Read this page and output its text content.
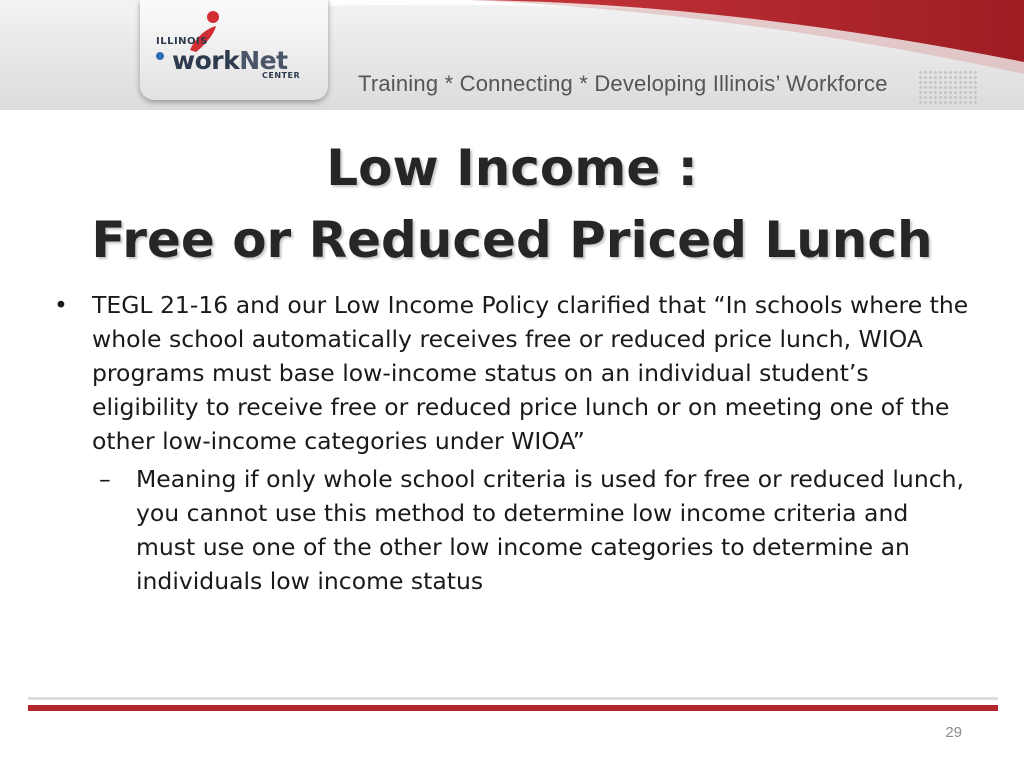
ILLINOIS
workNet
CENTER	Training * Connecting * Developing Illinois’ Workforce
Low Income :
Free or Reduced Priced Lunch
• TEGL 21-16 and our Low Income Policy clarified that “In schools where the whole school automatically receives free or reduced price lunch, WIOA programs must base low-income status on an individual student’s eligibility to receive free or reduced price lunch or on meeting one of the other low-income categories under WIOA”
– Meaning if only whole school criteria is used for free or reduced lunch, you cannot use this method to determine low income criteria and must use one of the other low income categories to determine an individuals low income status
29
